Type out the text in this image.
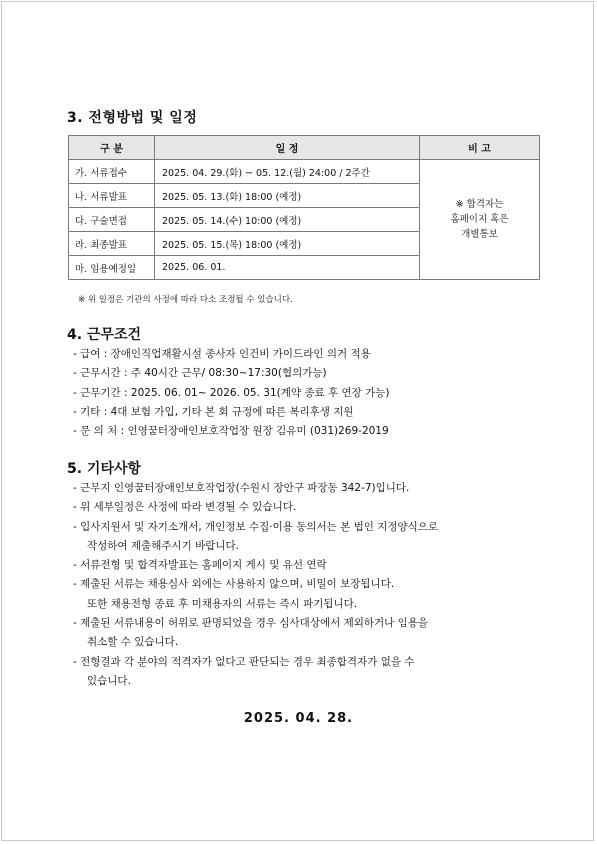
3. 전형방법 및 일정
구 분	일 정	비 고
가. 서류접수	2025. 04. 29.(화) ~ 05. 12.(월) 24:00 / 2주간	※ 합격자는
홈페이지 혹은
개별통보

나. 서류발표	2025. 05. 13.(화) 18:00 (예정)	
다. 구술면접	2025. 05. 14.(수) 10:00 (예정)	
라. 최종발표	2025. 05. 15.(목) 18:00 (예정)	
마. 임용예정일	2025. 06. 01.	
※ 위 일정은 기관의 사정에 따라 다소 조정될 수 있습니다.
4. 근무조건
- 급여 : 장애인직업재활시설 종사자 인건비 가이드라인 의거 적용
- 근무시간 : 주 40시간 근무/ 08:30~17:30(협의가능)
- 근무기간 : 2025. 06. 01~ 2026. 05. 31(계약 종료 후 연장 가능)
- 기타 : 4대 보험 가입, 기타 본 회 규정에 따른 복리후생 지원
- 문 의 처 : 인영꿈터장애인보호작업장 원장 김유미 (031)269-2019
5. 기타사항
- 근무지 인영꿈터장애인보호작업장(수원시 장안구 파장동 342-7)입니다.
- 위 세부일정은 사정에 따라 변경될 수 있습니다.
- 입사지원서 및 자기소개서, 개인정보 수집·이용 동의서는 본 법인 지정양식으로
작성하여 제출해주시기 바랍니다.
- 서류전형 및 합격자발표는 홈페이지 게시 및 유선 연락
- 제출된 서류는 채용심사 외에는 사용하지 않으며, 비밀이 보장됩니다.
또한 채용전형 종료 후 미채용자의 서류는 즉시 파기됩니다.
- 제출된 서류내용이 허위로 판명되었을 경우 심사대상에서 제외하거나 임용을
취소할 수 있습니다.
- 전형결과 각 분야의 적격자가 없다고 판단되는 경우 최종합격자가 없을 수
있습니다.
2025. 04. 28.
